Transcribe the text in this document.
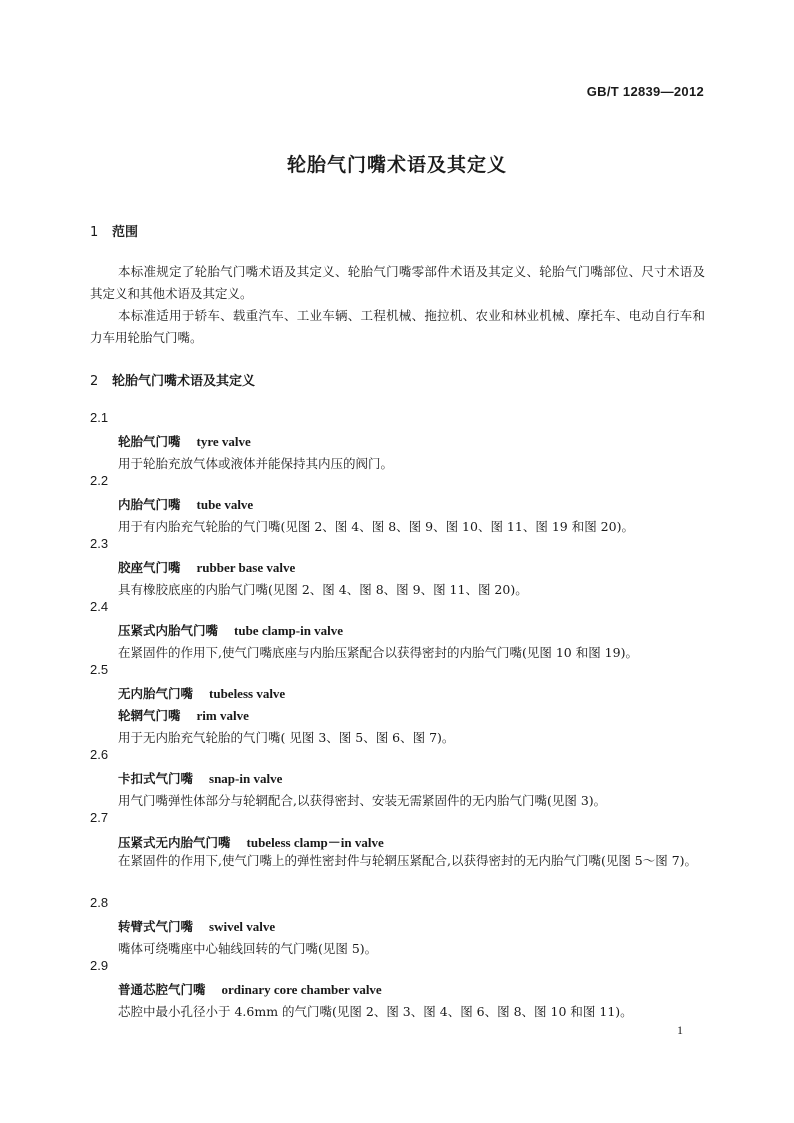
GB/T 12839—2012
轮胎气门嘴术语及其定义
1 范围

本标准规定了轮胎气门嘴术语及其定义、轮胎气门嘴零部件术语及其定义、轮胎气门嘴部位、尺寸术语及其定义和其他术语及其定义。

本标准适用于轿车、载重汽车、工业车辆、工程机械、拖拉机、农业和林业机械、摩托车、电动自行车和力车用轮胎气门嘴。

2 轮胎气门嘴术语及其定义
2.1
轮胎气门嘴 tyre valve
用于轮胎充放气体或液体并能保持其内压的阀门。
2.2
内胎气门嘴 tube valve
用于有内胎充气轮胎的气门嘴(见图 2、图 4、图 8、图 9、图 10、图 11、图 19 和图 20)。
2.3
胶座气门嘴 rubber base valve
具有橡胶底座的内胎气门嘴(见图 2、图 4、图 8、图 9、图 11、图 20)。
2.4
压紧式内胎气门嘴 tube clamp-in valve
在紧固件的作用下,使气门嘴底座与内胎压紧配合以获得密封的内胎气门嘴(见图 10 和图 19)。
2.5
无内胎气门嘴 tubeless valve
轮辋气门嘴 rim valve
用于无内胎充气轮胎的气门嘴( 见图 3、图 5、图 6、图 7)。
2.6
卡扣式气门嘴 snap-in valve
用气门嘴弹性体部分与轮辋配合,以获得密封、安装无需紧固件的无内胎气门嘴(见图 3)。
2.7
压紧式无内胎气门嘴 tubeless clamp－in valve

在紧固件的作用下,使气门嘴上的弹性密封件与轮辋压紧配合,以获得密封的无内胎气门嘴(见图 5～图 7)。

2.8
转臂式气门嘴 swivel valve
嘴体可绕嘴座中心轴线回转的气门嘴(见图 5)。
2.9
普通芯腔气门嘴 ordinary core chamber valve
芯腔中最小孔径小于 4.6mm 的气门嘴(见图 2、图 3、图 4、图 6、图 8、图 10 和图 11)。
1
